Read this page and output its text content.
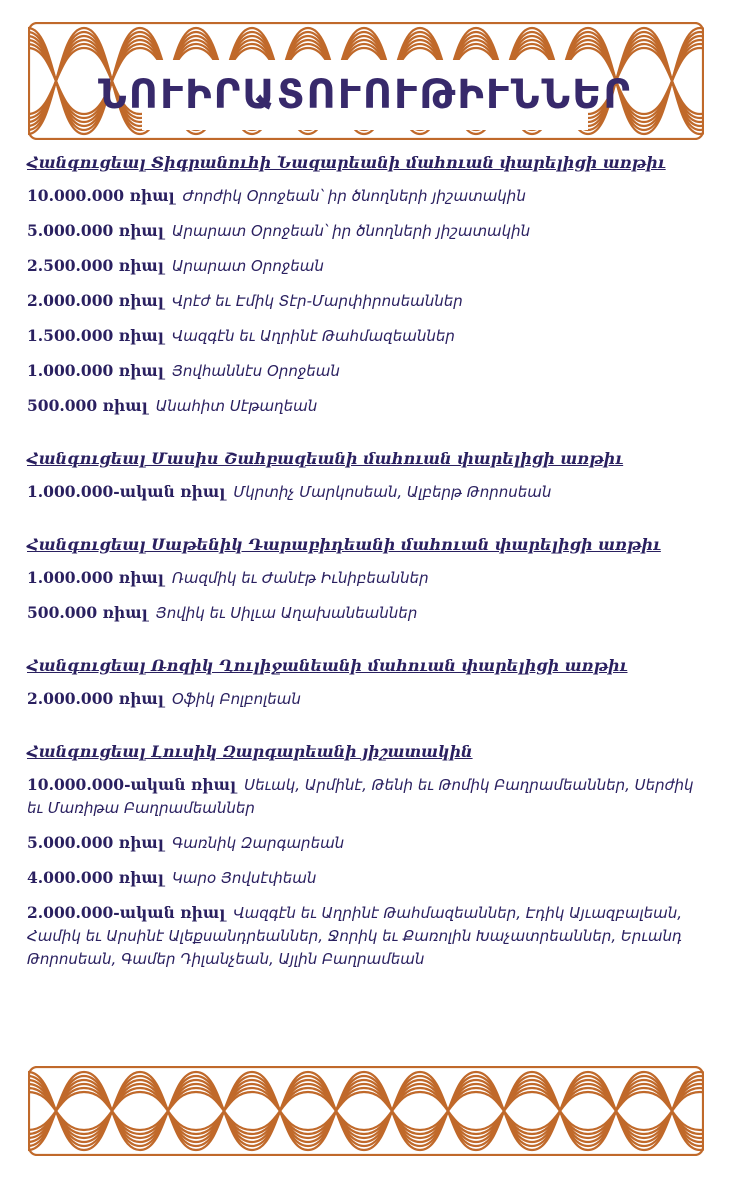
ՆՈՒԻՐԱՏՈՒՈՒԹԻՒՆՆԵՐ
Հանգուցեալ Տիգրանուհի Նազարեանի մահուան փարելիցի առթիւ
10.000.000 ռիալ Ժորժիկ Օրոջեան՝ իր ծնողների յիշատակին
5.000.000 ռիալ Արարատ Օրոջեան՝ իր ծնողների յիշատակին
2.500.000 ռիալ Արարատ Օրոջեան
2.000.000 ռիալ Վրէժ եւ Էմիկ Տէր-Մարփիրոսեաններ
1.500.000 ռիալ Վազգէն եւ Աղրինէ Թահմազեաններ
1.000.000 ռիալ Յովհաննէս Օրոջեան
500.000 ռիալ Անահիտ Սէթաղեան
Հանգուցեալ Մասիս Շահբազեանի մահուան փարելիցի առթիւ
1.000.000-ական ռիալ Մկրտիչ Մարկոսեան, Ալբերթ Թորոսեան
Հանգուցեալ Սաթենիկ Դարաբիդեանի մահուան փարելիցի առթիւ
1.000.000 ռիալ Ռազմիկ եւ Ժանէթ Իւնիբեաններ
500.000 ռիալ Յովիկ եւ Սիլւա Աղախանեաններ
Հանգուցեալ Ռոզիկ Ղուլիջանեանի մահուան փարելիցի առթիւ
2.000.000 ռիալ Օֆիկ Բոլբոլեան
Հանգուցեալ Լուսիկ Զարգարեանի յիշատակին
10.000.000-ական ռիալ Սեւակ, Արմինէ, Թենի եւ Թոմիկ Բաղրամեաններ, Սերժիկ եւ Մառիթա Բաղրամեաններ
5.000.000 ռիալ Գառնիկ Զարգարեան
4.000.000 ռիալ Կարօ Յովսէփեան
2.000.000-ական ռիալ Վազգէն եւ Աղրինէ Թահմազեաններ, Էդիկ Այւազբալեան, Համիկ եւ Արսինէ Ալեքսանդրեաններ, Ջորիկ եւ Քառոլին Խաչատրեաններ, Երւանդ Թորոսեան, Գամեր Դիլանչեան, Այլին Բաղրամեան
